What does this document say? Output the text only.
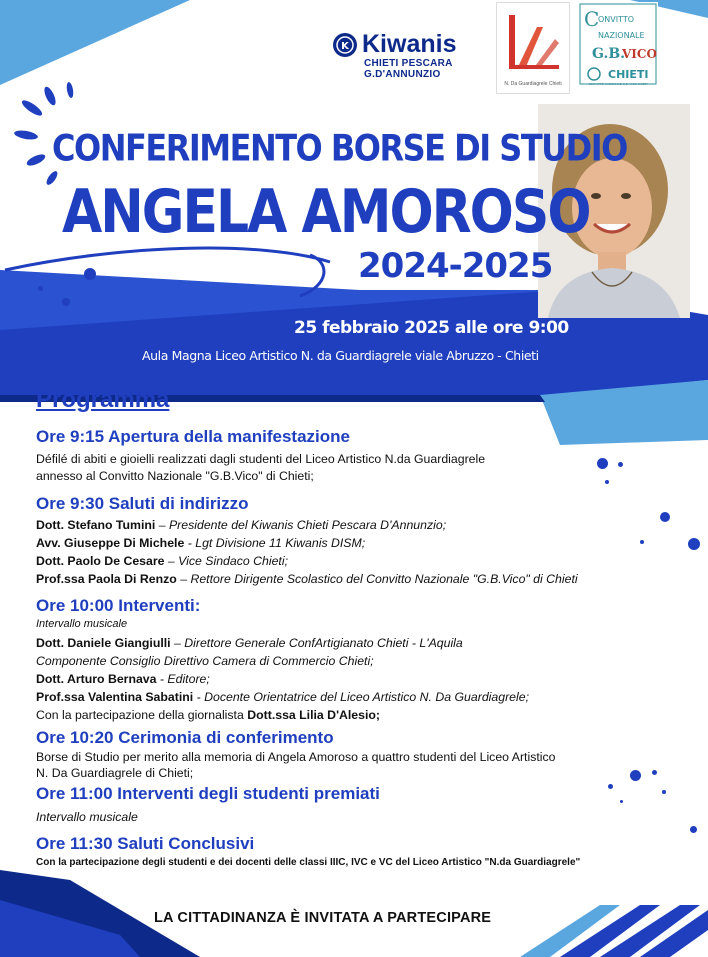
K Kiwanis
CHIETI PESCARA
G.D'ANNUNZIO
N. Da Guardiagrele Chieti
C
ONVITTO
NAZIONALE
G.B.
VICO
CHIETI
CONVITTO NAZIONALE G.B. VICO CHIETI
CONFERIMENTO BORSE DI STUDIO
ANGELA AMOROSO
2024-2025
25 febbraio 2025 alle ore 9:00
Aula Magna Liceo Artistico N. da Guardiagrele viale Abruzzo - Chieti
Programma
Ore 9:15 Apertura della manifestazione
Défilé di abiti e gioielli realizzati dagli studenti del Liceo Artistico N.da Guardiagrele
annesso al Convitto Nazionale "G.B.Vico" di Chieti;
Ore 9:30 Saluti di indirizzo
Dott. Stefano Tumini – Presidente del Kiwanis Chieti Pescara D'Annunzio;
Avv. Giuseppe Di Michele - Lgt Divisione 11 Kiwanis DISM;
Dott. Paolo De Cesare – Vice Sindaco Chieti;
Prof.ssa Paola Di Renzo – Rettore Dirigente Scolastico del Convitto Nazionale "G.B.Vico" di Chieti
Ore 10:00 Interventi:
Intervallo musicale
Dott. Daniele Giangiulli – Direttore Generale ConfArtigianato Chieti - L'Aquila
Componente Consiglio Direttivo Camera di Commercio Chieti;
Dott. Arturo Bernava - Editore;
Prof.ssa Valentina Sabatini - Docente Orientatrice del Liceo Artistico N. Da Guardiagrele;
Con la partecipazione della giornalista Dott.ssa Lilia D'Alesio;
Ore 10:20 Cerimonia di conferimento
Borse di Studio per merito alla memoria di Angela Amoroso a quattro studenti del Liceo Artistico
N. Da Guardiagrele di Chieti;
Ore 11:00 Interventi degli studenti premiati
Intervallo musicale
Ore 11:30 Saluti Conclusivi
Con la partecipazione degli studenti e dei docenti delle classi IIIC, IVC e VC del Liceo Artistico "N.da Guardiagrele"
LA CITTADINANZA È INVITATA A PARTECIPARE
